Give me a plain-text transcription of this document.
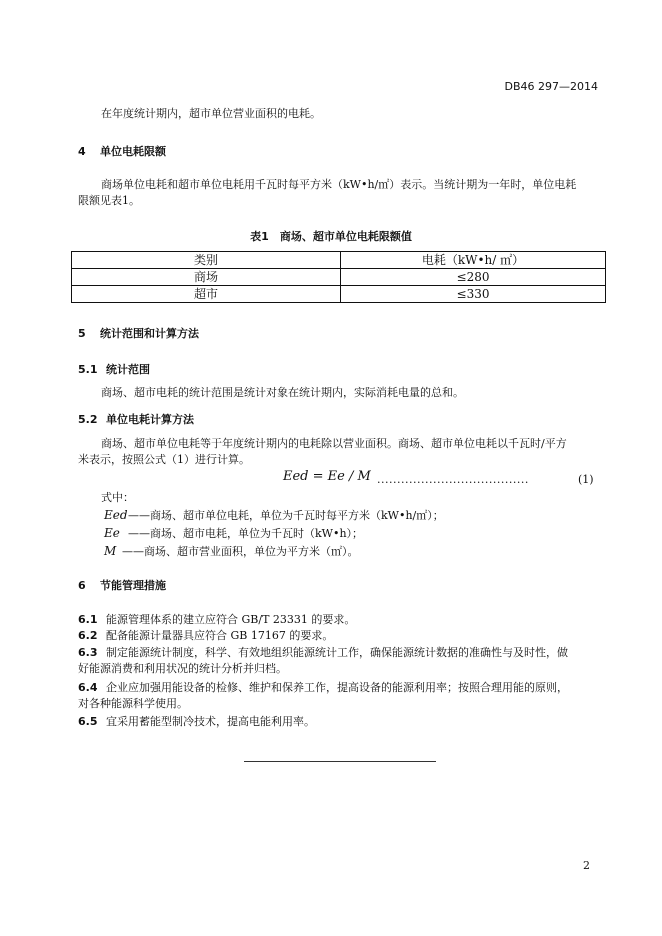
DB46 297—2014
在年度统计期内，超市单位营业面积的电耗。
4 单位电耗限额
商场单位电耗和超市单位电耗用千瓦时每平方米（kW•h/㎡）表示。当统计期为一年时，单位电耗
限额见表1。
表1　商场、超市单位电耗限额值
类别	电耗（kW•h/ ㎡）
商场	≤280
超市	≤330
5 统计范围和计算方法
5.1 统计范围
商场、超市电耗的统计范围是统计对象在统计期内，实际消耗电量的总和。
5.2 单位电耗计算方法
商场、超市单位电耗等于年度统计期内的电耗除以营业面积。商场、超市单位电耗以千瓦时/平方
米表示，按照公式（1）进行计算。
Eed = Ee / M ......................................	(1)
式中：
Eed——商场、超市单位电耗，单位为千瓦时每平方米（kW•h/㎡）；
Ee ——商场、超市电耗，单位为千瓦时（kW•h）；
M ——商场、超市营业面积，单位为平方米（㎡）。
6 节能管理措施
6.1 能源管理体系的建立应符合 GB/T 23331 的要求。
6.2 配备能源计量器具应符合 GB 17167 的要求。
6.3 制定能源统计制度，科学、有效地组织能源统计工作，确保能源统计数据的准确性与及时性，做
好能源消费和利用状况的统计分析并归档。
6.4 企业应加强用能设备的检修、维护和保养工作，提高设备的能源利用率；按照合理用能的原则，
对各种能源科学使用。
6.5 宜采用蓄能型制冷技术，提高电能利用率。
2
